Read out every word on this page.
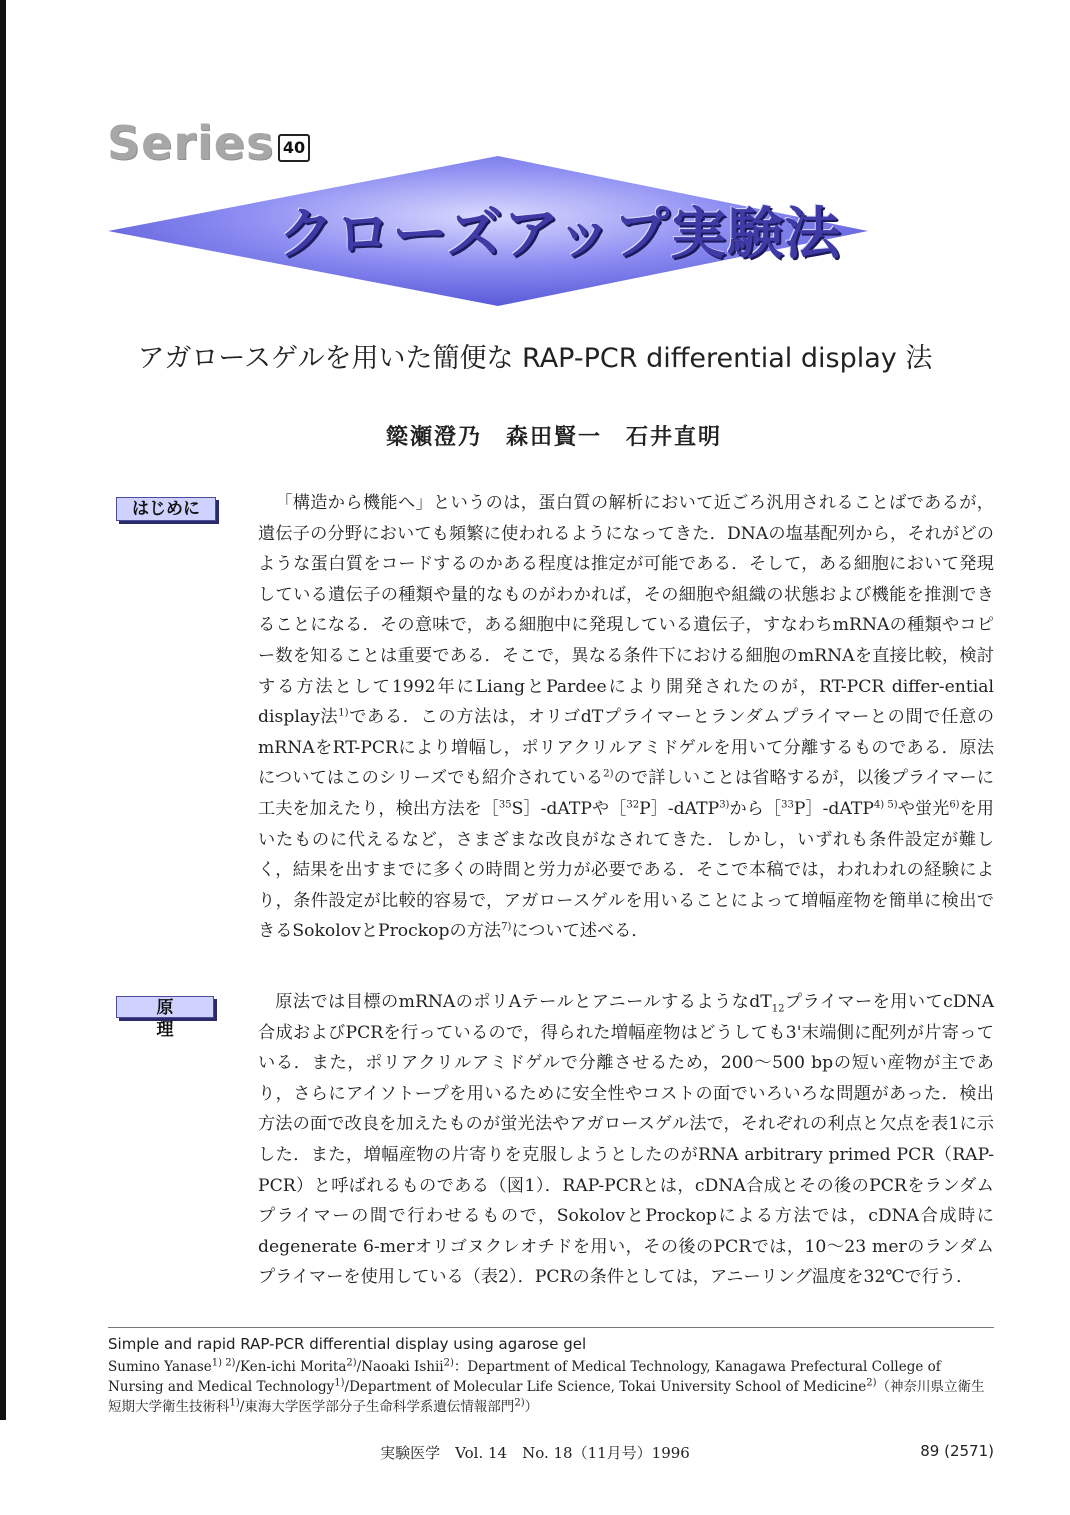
Series 40
クローズアップ実験法
アガロースゲルを用いた簡便な RAP-PCR differential display 法
簗瀬澄乃　森田賢一　石井直明
はじめに	「構造から機能へ」というのは，蛋白質の解析において近ごろ汎用されることばであるが，遺伝子の分野においても頻繁に使われるようになってきた．DNAの塩基配列から，それがどのような蛋白質をコードするのかある程度は推定が可能である．そして，ある細胞において発現している遺伝子の種類や量的なものがわかれば，その細胞や組織の状態および機能を推測できることになる．その意味で，ある細胞中に発現している遺伝子，すなわちmRNAの種類やコピー数を知ることは重要である．そこで，異なる条件下における細胞のmRNAを直接比較，検討する方法として1992年にLiangとPardeeにより開発されたのが，RT-PCR differ-ential display法$^{1)}$である．この方法は，オリゴdTプライマーとランダムプライマーとの間で任意のmRNAをRT-PCRにより増幅し，ポリアクリルアミドゲルを用いて分離するものである．原法についてはこのシリーズでも紹介されている$^{2)}$ので詳しいことは省略するが，以後プライマーに工夫を加えたり，検出方法を［$^{35}$S］-dATPや［$^{32}$P］-dATP$^{3)}$から［$^{33}$P］-dATP$^{4) 5)}$や蛍光$^{6)}$を用いたものに代えるなど，さまざまな改良がなされてきた．しかし，いずれも条件設定が難しく，結果を出すまでに多くの時間と労力が必要である．そこで本稿では，われわれの経験により，条件設定が比較的容易で，アガロースゲルを用いることによって増幅産物を簡単に検出できるSokolovとProckopの方法$^{7)}$について述べる．

原理

原法では目標のmRNAのポリAテールとアニールするような$dT_{12}$プライマーを用いてcDNA合成およびPCRを行っているので，得られた増幅産物はどうしても3'末端側に配列が片寄っている．また，ポリアクリルアミドゲルで分離させるため，200～500 bpの短い産物が主であり，さらにアイソトープを用いるために安全性やコストの面でいろいろな問題があった．検出方法の面で改良を加えたものが蛍光法やアガロースゲル法で，それぞれの利点と欠点を表1に示した．また，増幅産物の片寄りを克服しようとしたのがRNA arbitrary primed PCR（RAP-PCR）と呼ばれるものである（図1）．RAP-PCRとは，cDNA合成とその後のPCRをランダムプライマーの間で行わせるもので，SokolovとProckopによる方法では，cDNA合成時にdegenerate 6-merオリゴヌクレオチドを用い，その後のPCRでは，10～23 merのランダムプライマーを使用している（表2）．PCRの条件としては，アニーリング温度を32℃で行う．

Simple and rapid RAP-PCR differential display using agarose gel

Sumino Yanase$^{1) 2)}$/Ken-ichi Morita$^{2)}$/Naoaki Ishii$^{2)}$：Department of Medical Technology, Kanagawa Prefectural College of Nursing and Medical Technology$^{1)}$/Department of Molecular Life Science, Tokai University School of Medicine$^{2)}$（神奈川県立衛生短期大学衛生技術科$^{1)}$/東海大学医学部分子生命科学系遺伝情報部門$^{2)}$）

実験医学　Vol. 14　No. 18（11月号）1996	89 (2571)
